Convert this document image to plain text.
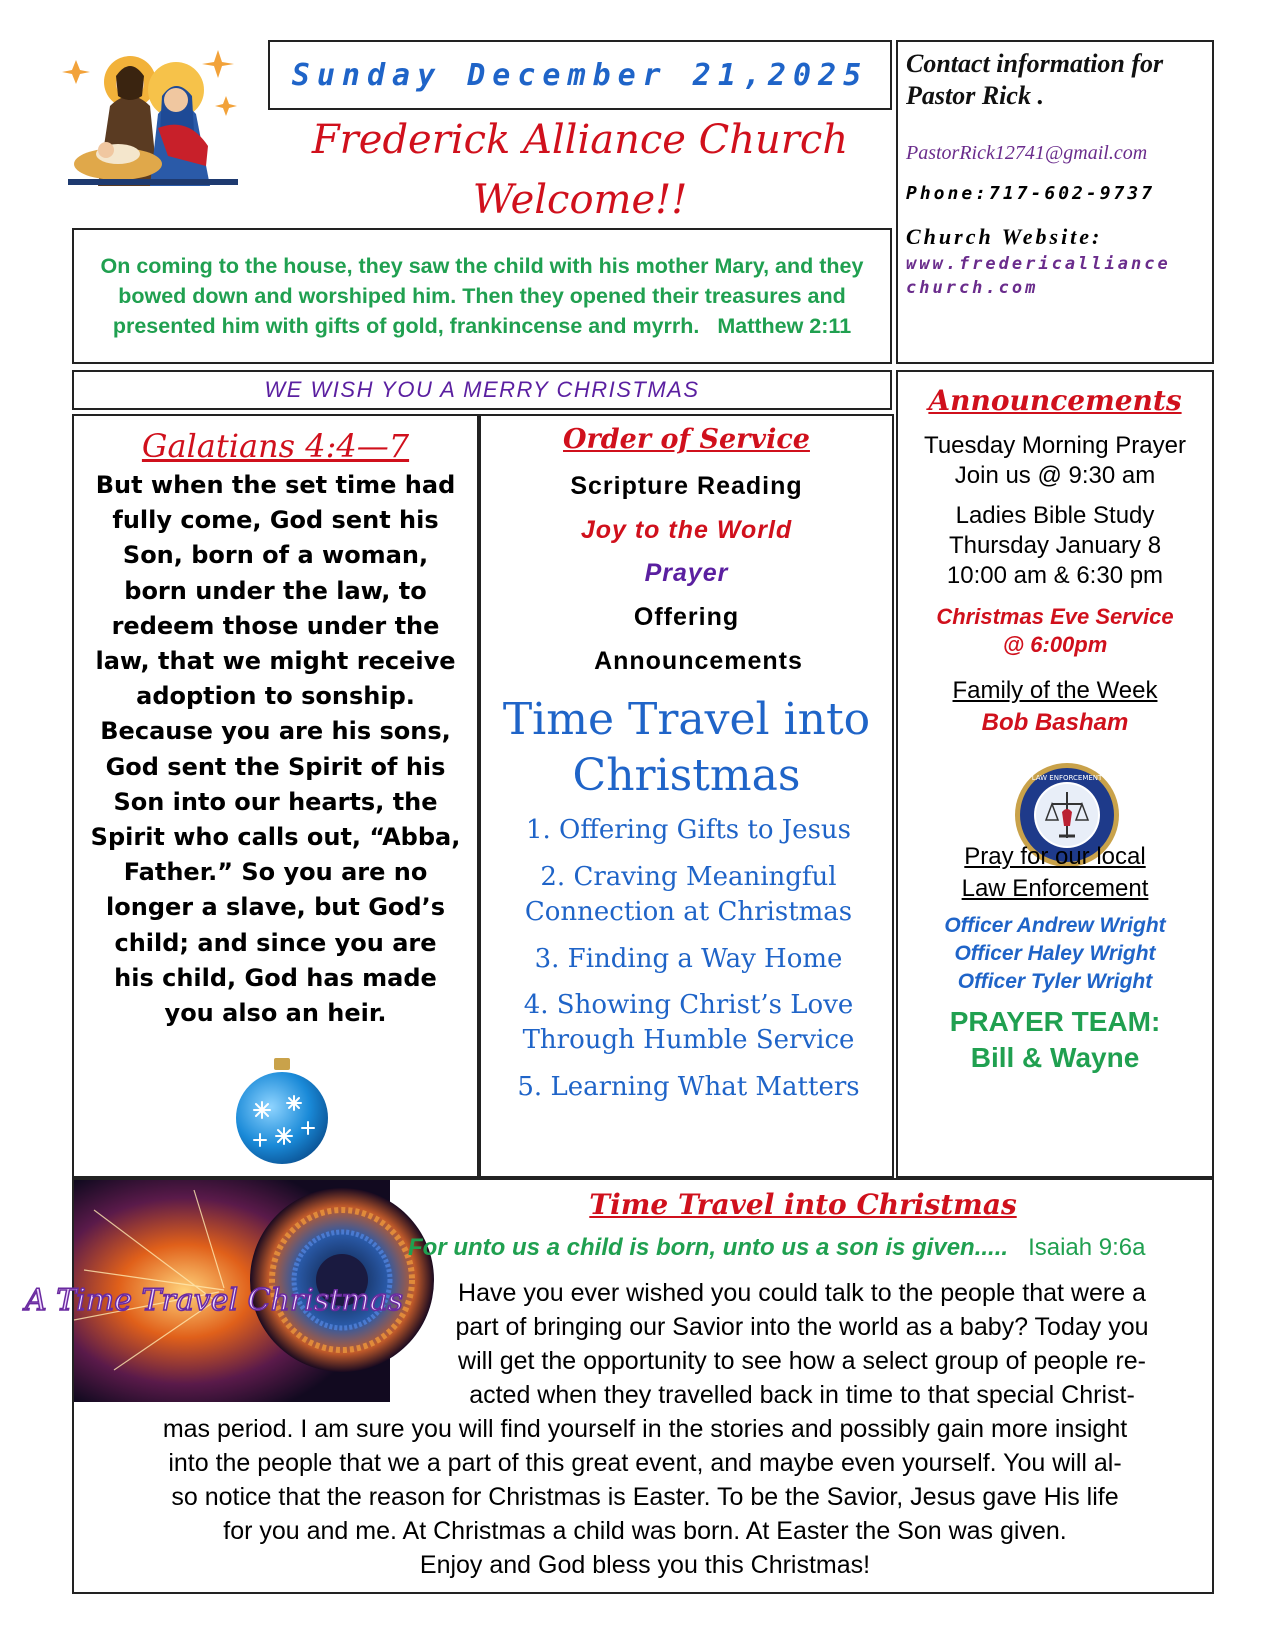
Sunday December 21,2025
Frederick Alliance Church
Welcome!!
On coming to the house, they saw the child with his mother Mary, and they bowed down and worshiped him. Then they opened their treasures and presented him with gifts of gold, frankincense and myrrh. Matthew 2:11
Contact information for
Pastor Rick .
PastorRick12741@gmail.com
Phone:717-602-9737
Church Website:
www.fredericalliance
church.com
WE WISH YOU A MERRY CHRISTMAS
Galatians 4:4—7
But when the set time had
fully come, God sent his
Son, born of a woman,
born under the law, to
redeem those under the
law, that we might receive
adoption to sonship.
Because you are his sons,
God sent the Spirit of his
Son into our hearts, the
Spirit who calls out, “Abba,
Father.” So you are no
longer a slave, but God’s
child; and since you are
his child, God has made
you also an heir.
Order of Service
Scripture Reading
Joy to the World
Prayer
Offering
Announcements
Time Travel into
Christmas
1. Offering Gifts to Jesus
2. Craving Meaningful
Connection at Christmas
3. Finding a Way Home
4. Showing Christ’s Love
Through Humble Service
5. Learning What Matters
Announcements
Tuesday Morning Prayer
Join us @ 9:30 am
Ladies Bible Study
Thursday January 8
10:00 am & 6:30 pm
Christmas Eve Service
@ 6:00pm
Family of the Week
Bob Basham
LAW ENFORCEMENT
Pray for our local
Law Enforcement
Officer Andrew Wright
Officer Haley Wright
Officer Tyler Wright
PRAYER TEAM:
Bill & Wayne
A Time Travel Christmas
Time Travel into Christmas
For unto us a child is born, unto us a son is given..... Isaiah 9:6a
Have you ever wished you could talk to the people that were a
part of bringing our Savior into the world as a baby? Today you
will get the opportunity to see how a select group of people re-
acted when they travelled back in time to that special Christ-
mas period. I am sure you will find yourself in the stories and possibly gain more insight
into the people that we a part of this great event, and maybe even yourself. You will al-
so notice that the reason for Christmas is Easter. To be the Savior, Jesus gave His life
for you and me. At Christmas a child was born. At Easter the Son was given.
Enjoy and God bless you this Christmas!
